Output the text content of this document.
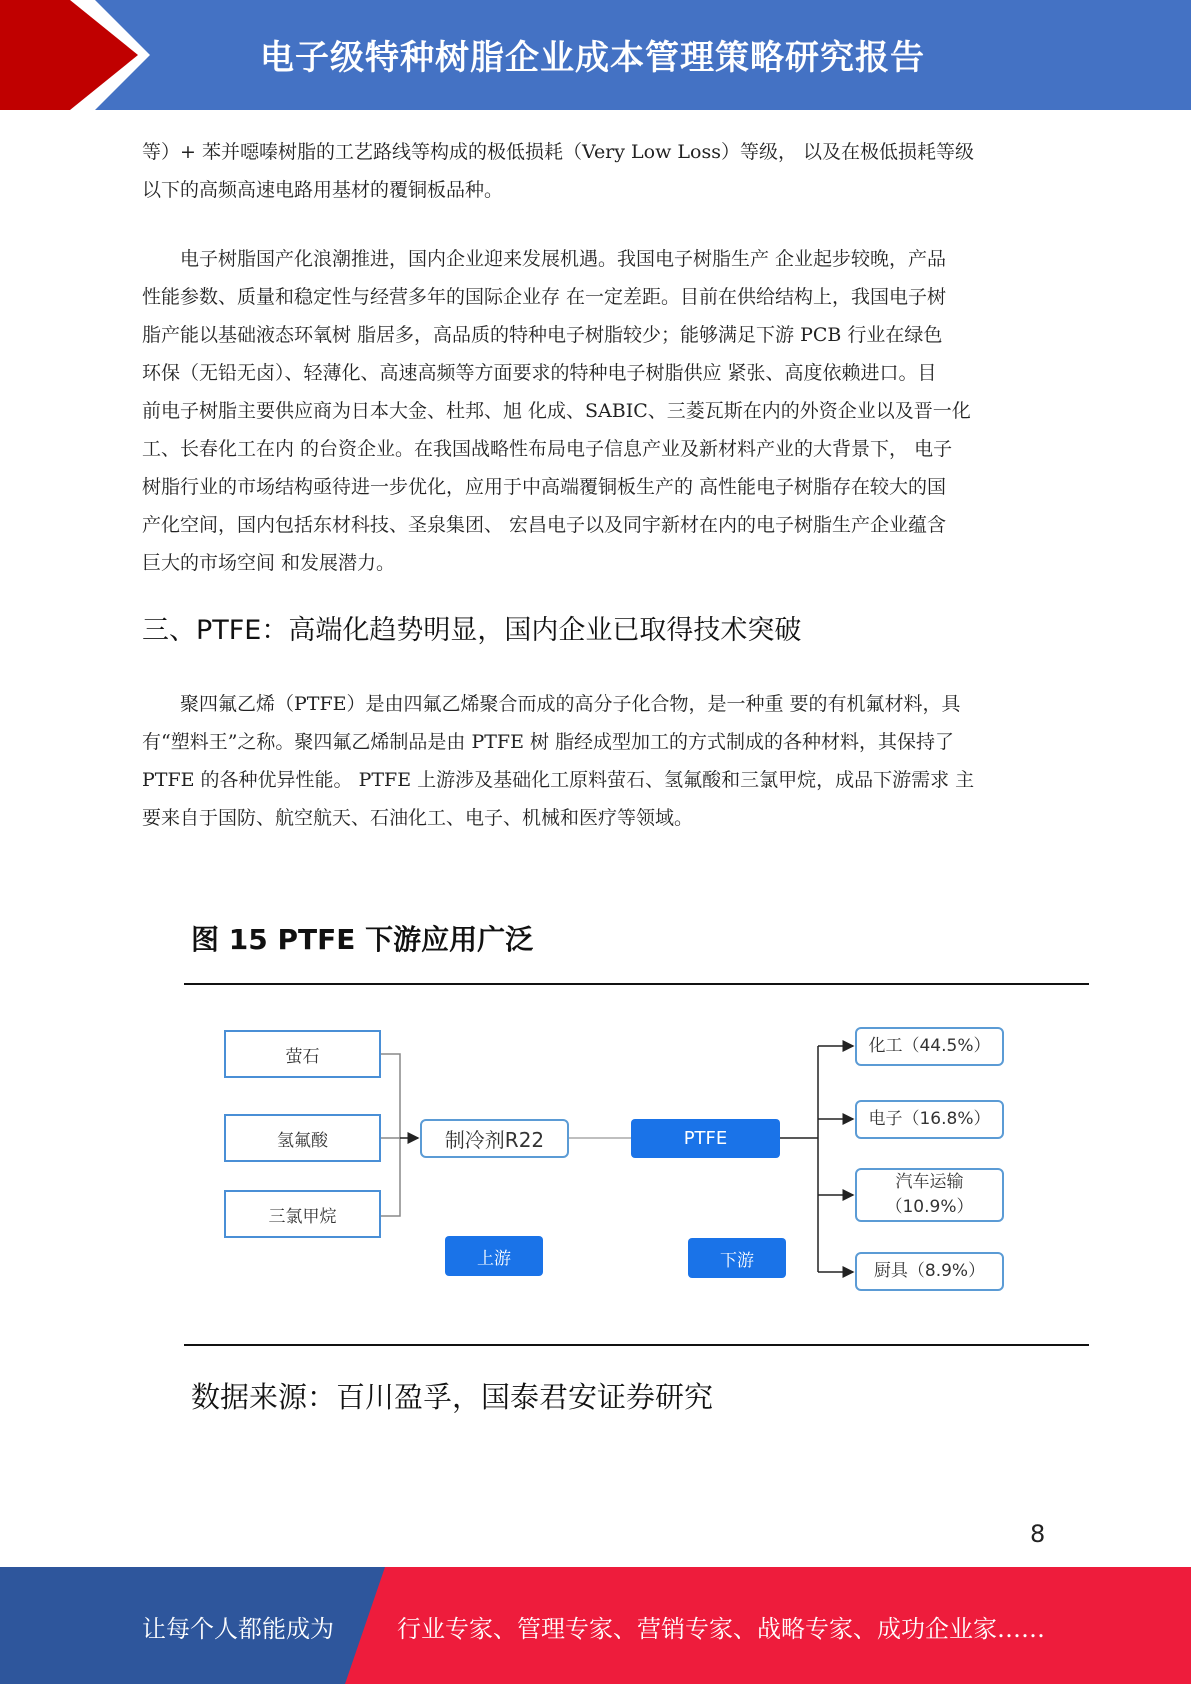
电子级特种树脂企业成本管理策略研究报告
等）+ 苯并噁嗪树脂的工艺路线等构成的极低损耗（Very Low Loss）等级， 以及在极低损耗等级
以下的高频高速电路用基材的覆铜板品种。
　　电子树脂国产化浪潮推进，国内企业迎来发展机遇。我国电子树脂生产 企业起步较晚，产品
性能参数、质量和稳定性与经营多年的国际企业存 在一定差距。目前在供给结构上，我国电子树
脂产能以基础液态环氧树 脂居多，高品质的特种电子树脂较少；能够满足下游 PCB 行业在绿色
环保（无铅无卤）、轻薄化、高速高频等方面要求的特种电子树脂供应 紧张、高度依赖进口。目
前电子树脂主要供应商为日本大金、杜邦、旭 化成、SABIC、三菱瓦斯在内的外资企业以及晋一化
工、长春化工在内 的台资企业。在我国战略性布局电子信息产业及新材料产业的大背景下， 电子
树脂行业的市场结构亟待进一步优化，应用于中高端覆铜板生产的 高性能电子树脂存在较大的国
产化空间，国内包括东材科技、圣泉集团、 宏昌电子以及同宇新材在内的电子树脂生产企业蕴含
巨大的市场空间 和发展潜力。
三、PTFE：高端化趋势明显，国内企业已取得技术突破
　　聚四氟乙烯（PTFE）是由四氟乙烯聚合而成的高分子化合物，是一种重 要的有机氟材料，具
有“塑料王”之称。聚四氟乙烯制品是由 PTFE 树 脂经成型加工的方式制成的各种材料，其保持了
PTFE 的各种优异性能。 PTFE 上游涉及基础化工原料萤石、氢氟酸和三氯甲烷，成品下游需求 主
要来自于国防、航空航天、石油化工、电子、机械和医疗等领域。
图 15 PTFE 下游应用广泛
萤石
氢氟酸
三氯甲烷
制冷剂R22	PTFE
上游	下游
化工 （44.5%）
电子 （16.8%）
汽车运输
（10.9%）
厨具 （8.9%）
数据来源：百川盈孚，国泰君安证券研究
8
让每个人都能成为	行业专家、管理专家、营销专家、战略专家、成功企业家……
